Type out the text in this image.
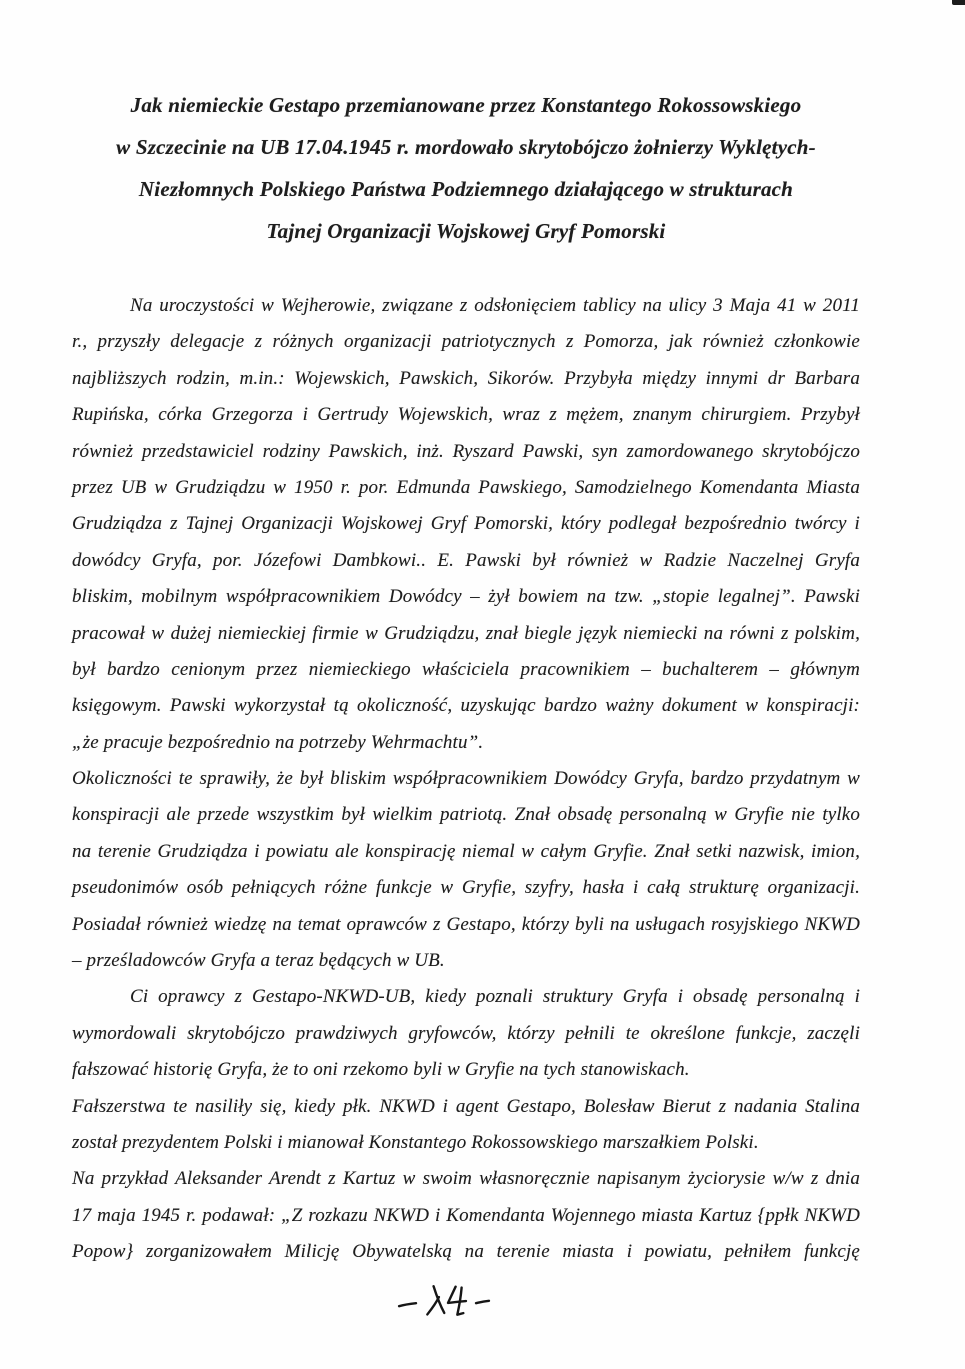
Jak niemieckie Gestapo przemianowane przez Konstantego Rokossowskiego
w Szczecinie na UB 17.04.1945 r. mordowało skrytobójczo żołnierzy Wyklętych-
Niezłomnych Polskiego Państwa Podziemnego działającego w strukturach
Tajnej Organizacji Wojskowej Gryf Pomorski
Na uroczystości w Wejherowie, związane z odsłonięciem tablicy na ulicy 3 Maja 41 w 2011
r., przyszły delegacje z różnych organizacji patriotycznych z Pomorza, jak również członkowie
najbliższych rodzin, m.in.: Wojewskich, Pawskich, Sikorów. Przybyła między innymi dr Barbara
Rupińska, córka Grzegorza i Gertrudy Wojewskich, wraz z mężem, znanym chirurgiem. Przybył
również przedstawiciel rodziny Pawskich, inż. Ryszard Pawski, syn zamordowanego skrytobójczo
przez UB w Grudziądzu w 1950 r. por. Edmunda Pawskiego, Samodzielnego Komendanta Miasta
Grudziądza z Tajnej Organizacji Wojskowej Gryf Pomorski, który podlegał bezpośrednio twórcy i
dowódcy Gryfa, por. Józefowi Dambkowi.. E. Pawski był również w Radzie Naczelnej Gryfa
bliskim, mobilnym współpracownikiem Dowódcy – żył bowiem na tzw. „stopie legalnej”. Pawski
pracował w dużej niemieckiej firmie w Grudziądzu, znał biegle język niemiecki na równi z polskim,
był bardzo cenionym przez niemieckiego właściciela pracownikiem – buchalterem – głównym
księgowym. Pawski wykorzystał tą okoliczność, uzyskując bardzo ważny dokument w konspiracji:
„że pracuje bezpośrednio na potrzeby Wehrmachtu”.
Okoliczności te sprawiły, że był bliskim współpracownikiem Dowódcy Gryfa, bardzo przydatnym w
konspiracji ale przede wszystkim był wielkim patriotą. Znał obsadę personalną w Gryfie nie tylko
na terenie Grudziądza i powiatu ale konspirację niemal w całym Gryfie. Znał setki nazwisk, imion,
pseudonimów osób pełniących różne funkcje w Gryfie, szyfry, hasła i całą strukturę organizacji.
Posiadał również wiedzę na temat oprawców z Gestapo, którzy byli na usługach rosyjskiego NKWD
– prześladowców Gryfa a teraz będących w UB.
Ci oprawcy z Gestapo-NKWD-UB, kiedy poznali struktury Gryfa i obsadę personalną i
wymordowali skrytobójczo prawdziwych gryfowców, którzy pełnili te określone funkcje, zaczęli
fałszować historię Gryfa, że to oni rzekomo byli w Gryfie na tych stanowiskach.
Fałszerstwa te nasiliły się, kiedy płk. NKWD i agent Gestapo, Bolesław Bierut z nadania Stalina
został prezydentem Polski i mianował Konstantego Rokossowskiego marszałkiem Polski.
Na przykład Aleksander Arendt z Kartuz w swoim własnoręcznie napisanym życiorysie w/w z dnia
17 maja 1945 r. podawał: „Z rozkazu NKWD i Komendanta Wojennego miasta Kartuz {ppłk NKWD
Popow} zorganizowałem Milicję Obywatelską na terenie miasta i powiatu, pełniłem funkcję
